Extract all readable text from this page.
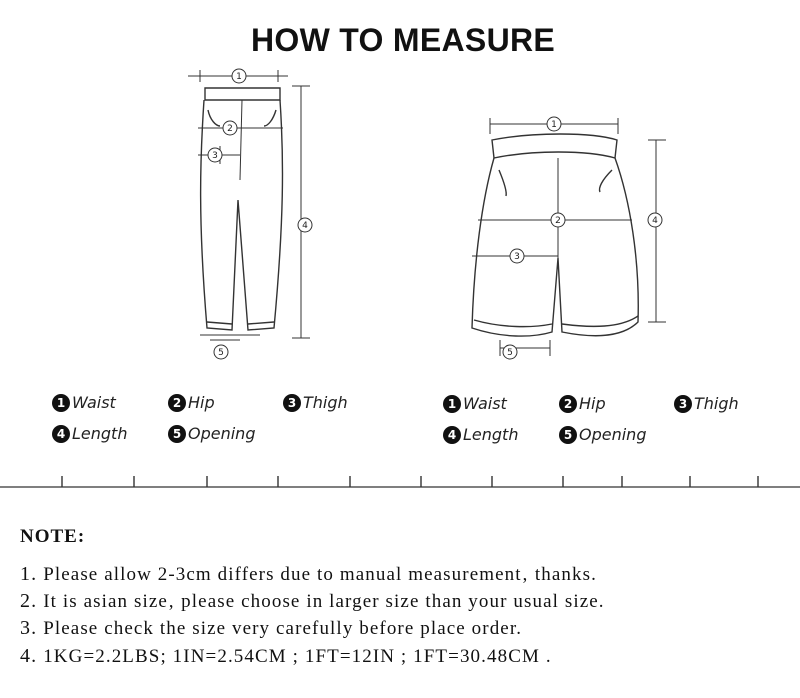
HOW TO MEASURE
1
2
3
4
5
1
2
3
4
5
1 Waist	2 Hip	3 Thigh
4 Length	5 Opening
1 Waist	2 Hip	3 Thigh
4 Length	5 Opening
NOTE:
1. Please allow 2-3cm differs due to manual measurement‚ thanks.
2. It is asian size‚ please choose in larger size than your usual size.
3. Please check the size very carefully before place order.
4. 1KG=2.2LBS; 1IN=2.54CM ; 1FT=12IN ; 1FT=30.48CM .
